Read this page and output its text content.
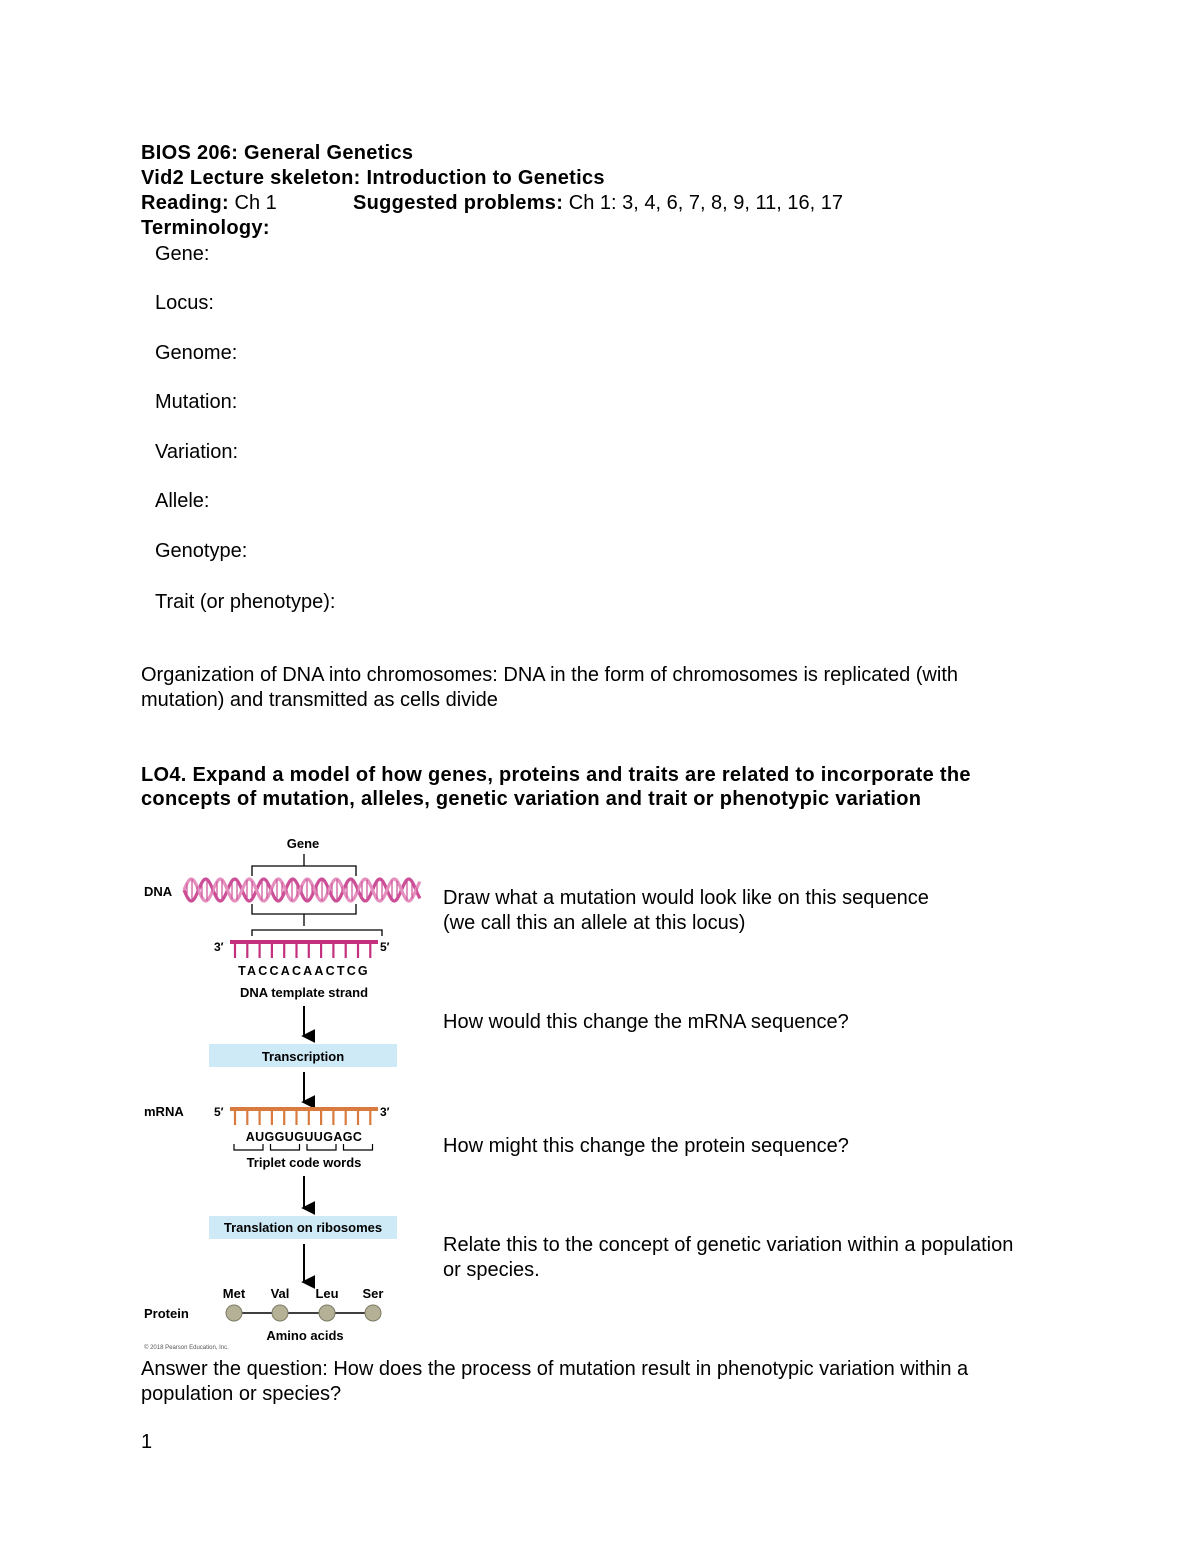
BIOS 206: General Genetics
Vid2 Lecture skeleton: Introduction to Genetics
Reading: Ch 1	Suggested problems: Ch 1: 3, 4, 6, 7, 8, 9, 11, 16, 17
Terminology:
Gene:
Locus:
Genome:
Mutation:
Variation:
Allele:
Genotype:
Trait (or phenotype):
Organization of DNA into chromosomes: DNA in the form of chromosomes is replicated (with
mutation) and transmitted as cells divide
LO4. Expand a model of how genes, proteins and traits are related to incorporate the
concepts of mutation, alleles, genetic variation and trait or phenotypic variation
Gene
DNA
3′	5′
TACCACAACTCG
DNA template strand
Transcription
mRNA	5′	3′
AUGGUGUUGAGC
Triplet code words
Translation on ribosomes
Met Val Leu Ser
Protein
Amino acids
© 2018 Pearson Education, Inc.
Draw what a mutation would look like on this sequence
(we call this an allele at this locus)
How would this change the mRNA sequence?
How might this change the protein sequence?
Relate this to the concept of genetic variation within a population
or species.
Answer the question: How does the process of mutation result in phenotypic variation within a
population or species?
1
